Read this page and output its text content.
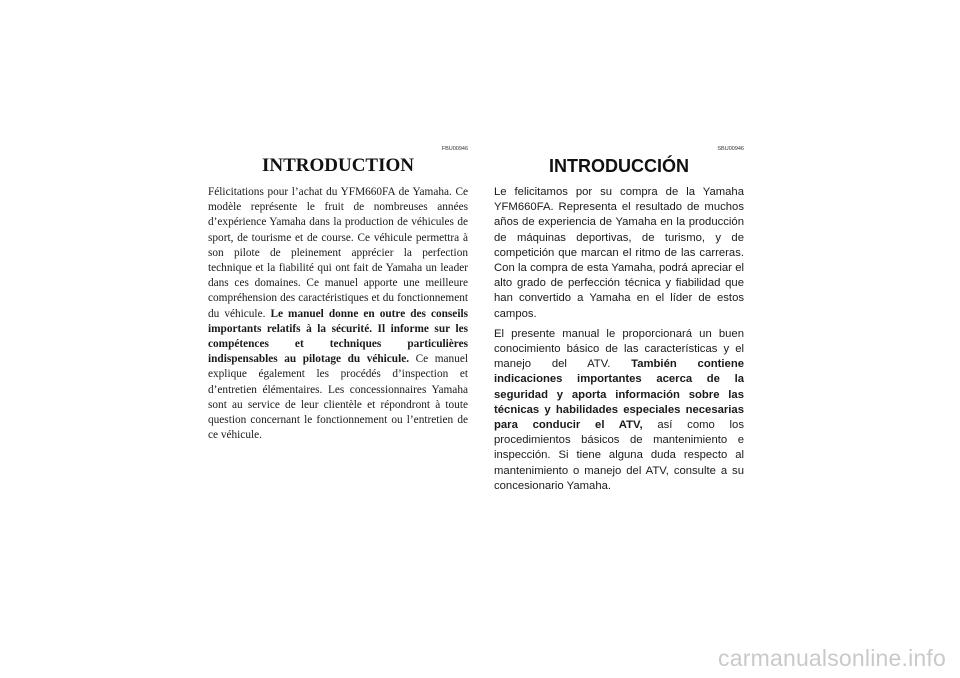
FBU00946
INTRODUCTION

Félicitations pour l’achat du YFM660FA de Yamaha. Ce modèle représente le fruit de nombreuses années d’expérience Yamaha dans la production de véhicules de sport, de tourisme et de course. Ce véhicule permettra à son pilote de pleinement apprécier la perfection technique et la fiabilité qui ont fait de Yamaha un leader dans ces domaines. Ce manuel apporte une meilleure compréhension des caractéristiques et du fonctionnement du véhicule. Le manuel donne en outre des conseils importants relatifs à la sécurité. Il informe sur les compétences et techniques particulières indispensables au pilotage du véhicule. Ce manuel explique également les procédés d’inspection et d’entretien élémentaires. Les concessionnaires Yamaha sont au service de leur clientèle et répondront à toute question concernant le fonctionnement ou l’entretien de ce véhicule.

SBU00946
INTRODUCCIÓN

Le felicitamos por su compra de la Yamaha YFM660FA. Representa el resultado de muchos años de experiencia de Yamaha en la producción de máquinas deportivas, de turismo, y de competición que marcan el ritmo de las carreras. Con la compra de esta Yamaha, podrá apreciar el alto grado de perfección técnica y fiabilidad que han convertido a Yamaha en el líder de estos campos.

El presente manual le proporcionará un buen conocimiento básico de las características y el manejo del ATV. También contiene indicaciones importantes acerca de la seguridad y aporta información sobre las técnicas y habilidades especiales necesarias para conducir el ATV, así como los procedimientos básicos de mantenimiento e inspección. Si tiene alguna duda respecto al mantenimiento o manejo del ATV, consulte a su concesionario Yamaha.

carmanualsonline.info
